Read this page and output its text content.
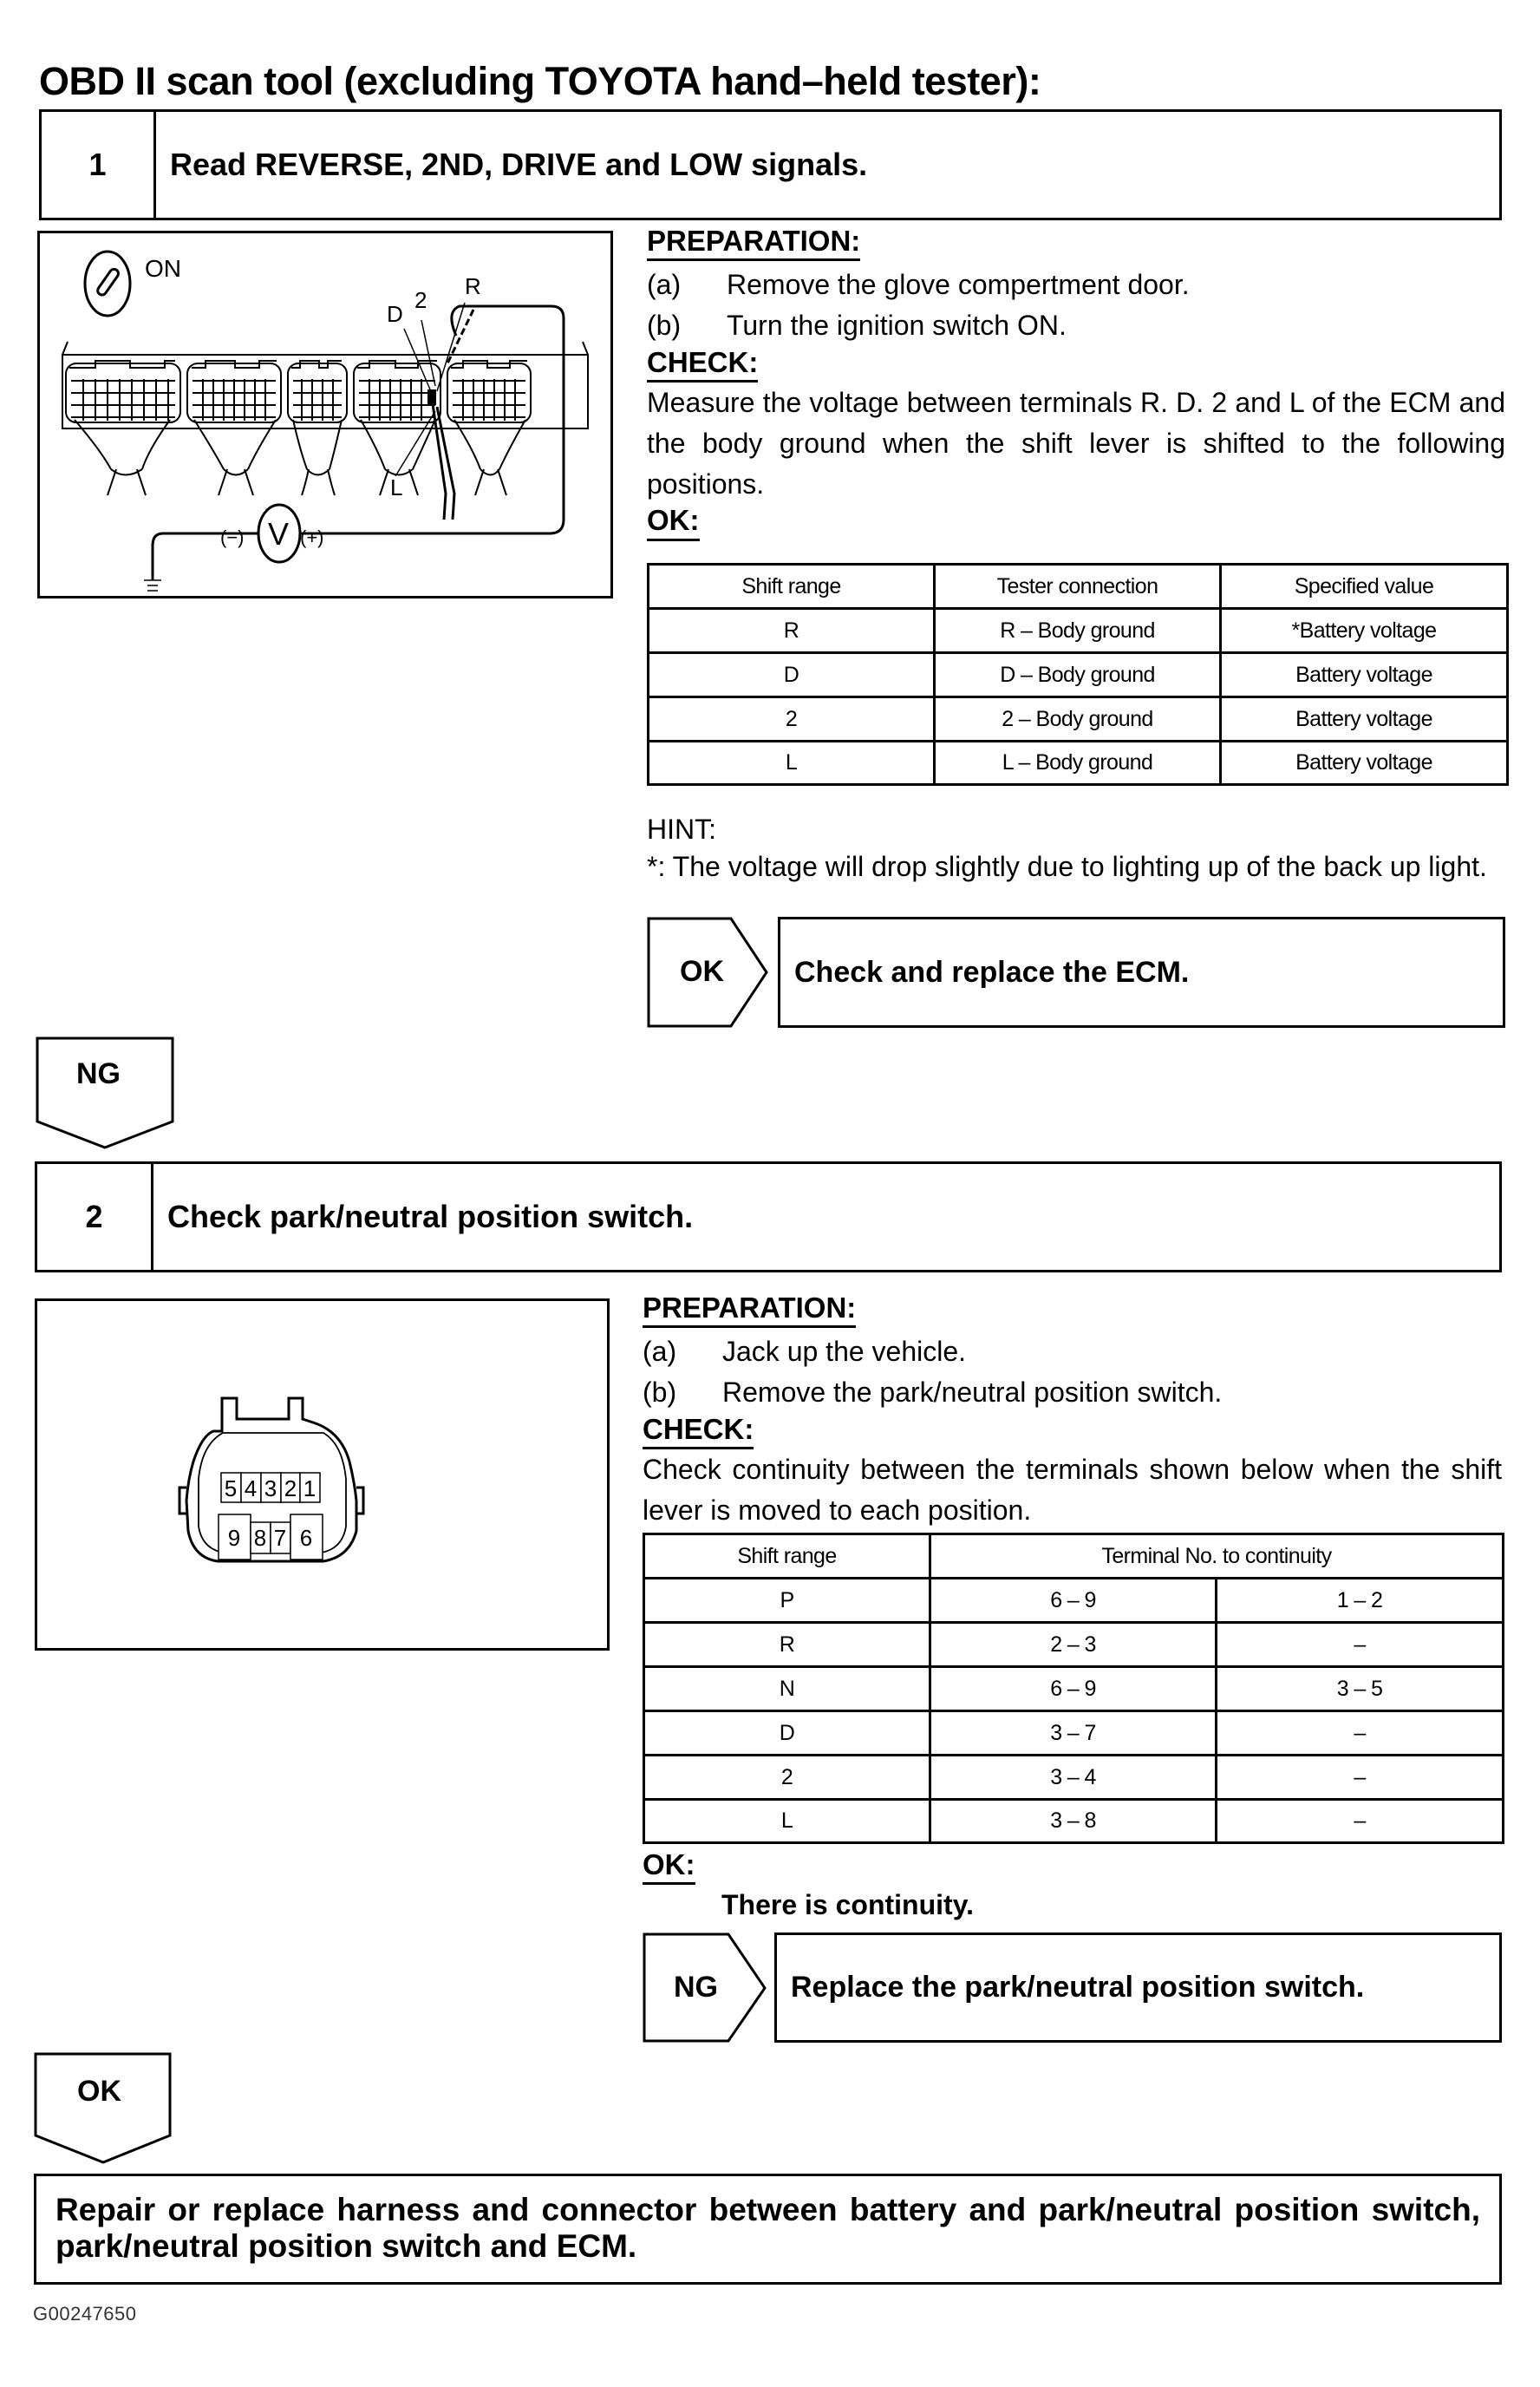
OBD II scan tool (excluding TOYOTA hand–held tester):
1	Read REVERSE, 2ND, DRIVE and LOW signals.
ON
D
2
R
L
V
(−)	(+)
PREPARATION:
(a) Remove the glove compertment door.
(b) Turn the ignition switch ON.
CHECK:
Measure the voltage between terminals R. D. 2 and L of the ECM and the body ground when the shift lever is shifted to the following positions.
OK:
Shift range	Tester connection	Specified value
R	R – Body ground	*Battery voltage
D	D – Body ground	Battery voltage
2	2 – Body ground	Battery voltage
L	L – Body ground	Battery voltage
HINT:
*: The voltage will drop slightly due to lighting up of the back up light.
OK	Check and replace the ECM.
NG
2	Check park/neutral position switch.
5 4 3 2 1
9 8 7 6
PREPARATION:
(a) Jack up the vehicle.
(b) Remove the park/neutral position switch.
CHECK:
Check continuity between the terminals shown below when the shift lever is moved to each position.
Shift range	Terminal No. to continuity	
P	6 – 9	1 – 2
R	2 – 3	–
N	6 – 9	3 – 5
D	3 – 7	–
2	3 – 4	–
L	3 – 8	–
OK:
There is continuity.
NG	Replace the park/neutral position switch.
OK
Repair or replace harness and connector between battery and park/neutral position switch, park/neutral position switch and ECM.
G00247650
